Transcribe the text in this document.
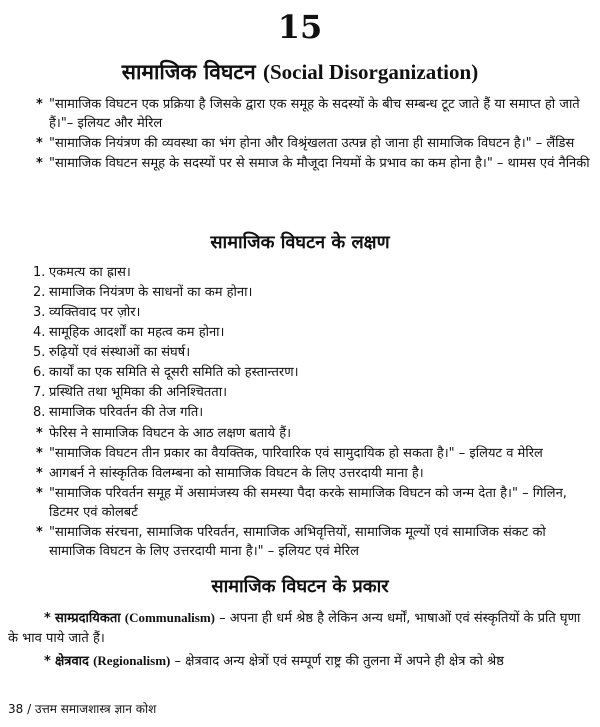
15
सामाजिक विघटन (Social Disorganization)
* "सामाजिक विघटन एक प्रक्रिया है जिसके द्वारा एक समूह के सदस्यों के बीच सम्बन्ध टूट जाते हैं या समाप्त हो जाते हैं।"– इलियट और मेरिल
* "सामाजिक नियंत्रण की व्यवस्था का भंग होना और विश्रृंखलता उत्पन्न हो जाना ही सामाजिक विघटन है।" – लैंडिस
* "सामाजिक विघटन समूह के सदस्यों पर से समाज के मौजूदा नियमों के प्रभाव का कम होना है।" – थामस एवं नैनिकी
सामाजिक विघटन के लक्षण
1. एकमत्य का ह्रास।
2. सामाजिक नियंत्रण के साधनों का कम होना।
3. व्यक्तिवाद पर ज़ोर।
4. सामूहिक आदर्शों का महत्व कम होना।
5. रुढ़ियों एवं संस्थाओं का संघर्ष।
6. कार्यों का एक समिति से दूसरी समिति को हस्तान्तरण।
7. प्रस्थिति तथा भूमिका की अनिश्चितता।
8. सामाजिक परिवर्तन की तेज गति।
* फेरिस ने सामाजिक विघटन के आठ लक्षण बताये हैं।
* "सामाजिक विघटन तीन प्रकार का वैयक्तिक, पारिवारिक एवं सामुदायिक हो सकता है।" – इलियट व मेरिल
* आगबर्न ने सांस्कृतिक विलम्बना को सामाजिक विघटन के लिए उत्तरदायी माना है।
* "सामाजिक परिवर्तन समूह में असामंजस्य की समस्या पैदा करके सामाजिक विघटन को जन्म देता है।" – गिलिन, डिटमर एवं कोलबर्ट
* "सामाजिक संरचना, सामाजिक परिवर्तन, सामाजिक अभिवृत्तियों, सामाजिक मूल्यों एवं सामाजिक संकट को सामाजिक विघटन के लिए उत्तरदायी माना है।" – इलियट एवं मेरिल
सामाजिक विघटन के प्रकार
* साम्प्रदायिकता (Communalism) – अपना ही धर्म श्रेष्ठ है लेकिन अन्य धर्मों, भाषाओं एवं संस्कृतियों के प्रति घृणा के भाव पाये जाते हैं।
* क्षेत्रवाद (Regionalism) – क्षेत्रवाद अन्य क्षेत्रों एवं सम्पूर्ण राष्ट्र की तुलना में अपने ही क्षेत्र को श्रेष्ठ
38 / उत्तम समाजशास्त्र ज्ञान कोश
